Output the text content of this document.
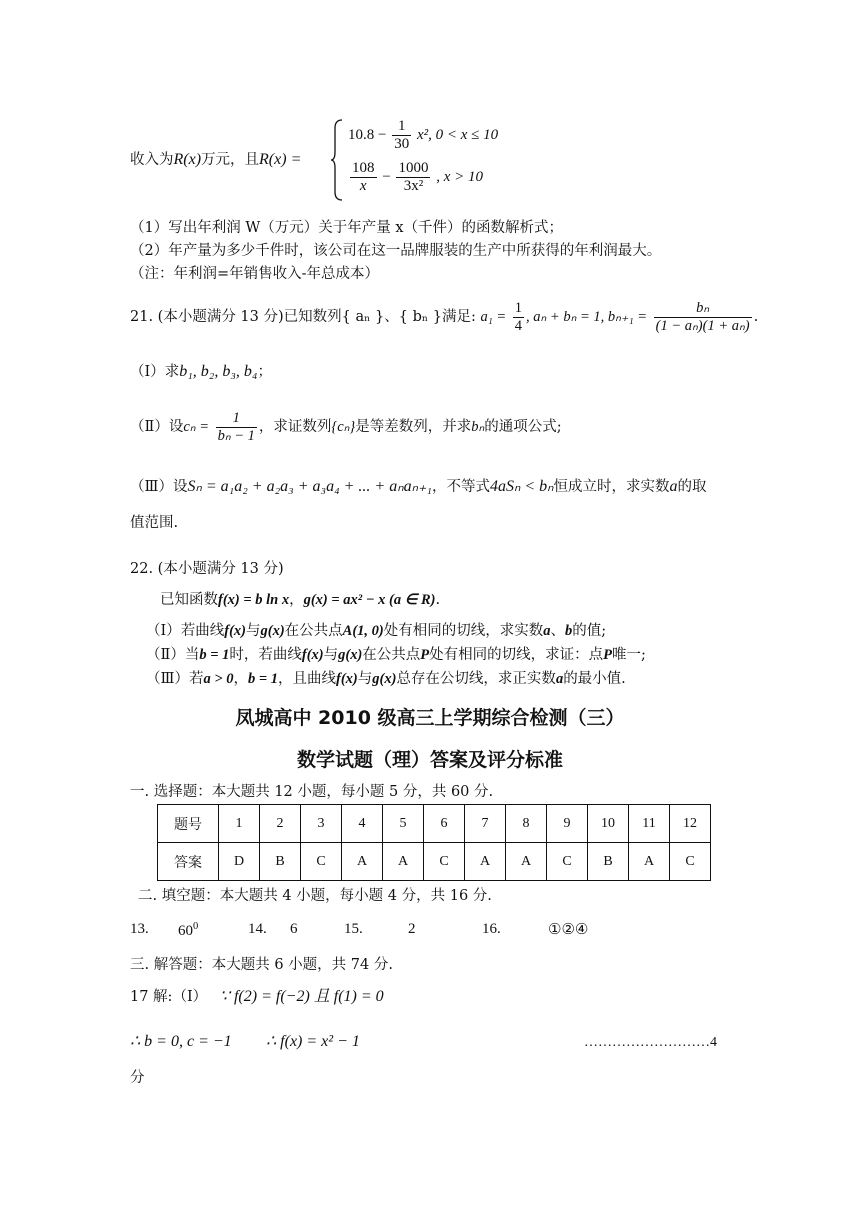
收入为R(x)万元，且R(x) =
$10.8 - \frac{1}{30} x^2$, 0 < x ≤ 10
$\frac{108}{x} - \frac{1000}{\text{3x²}}$ , x > 10
（1）写出年利润 W（万元）关于年产量 x（千件）的函数解析式；
（2）年产量为多少千件时，该公司在这一品牌服装的生产中所获得的年利润最大。
（注：年利润=年销售收入-年总成本）
21. (本小题满分 13 分)已知数列{ aₙ }、{ bₙ }满足: $a_1 = \frac{1}{4}$ , aₙ + bₙ = 1, $b_{n+1} = \frac{\text{bₙ}}{\text{(1 − aₙ)(1 + aₙ)}}$ .
（Ⅰ）求b₁, b₂, b₃, b₄；
（Ⅱ）设$c_n = \frac{1}{\text{bₙ − 1}}$ ，求证数列{cₙ}是等差数列，并求bₙ的通项公式;
（Ⅲ）设Sₙ = a₁a₂ + a₂a₃ + a₃a₄ + ... + aₙaₙ₊₁，不等式4aSₙ < bₙ恒成立时，求实数a的取
值范围.
22. (本小题满分 13 分)
已知函数f(x) = b ln x，g(x) = ax² − x (a ∈ R).
（Ⅰ）若曲线f(x)与g(x)在公共点A(1, 0)处有相同的切线，求实数a、b的值;
（Ⅱ）当b = 1时，若曲线f(x)与g(x)在公共点P处有相同的切线，求证：点P唯一;
（Ⅲ）若a > 0，b = 1，且曲线f(x)与g(x)总存在公切线，求正实数a的最小值.
凤城高中 2010 级高三上学期综合检测（三）
数学试题（理）答案及评分标准
一. 选择题：本大题共 12 小题，每小题 5 分，共 60 分.
题号	1	2	3	4	5	6	7	8	9	10	11	12
答案	D	B	C	A	A	C	A	A	C	B	A	C
二. 填空题：本大题共 4 小题，每小题 4 分，共 16 分.
13. $60^0$	14. 6	15.	2	16.	①②④
三. 解答题：本大题共 6 小题，共 74 分.
17 解:（Ⅰ） ∵ f(2) = f(−2) 且 f(1) = 0
∴ b = 0, c = −1 ∴ f(x) = x² − 1	………………………4
分
